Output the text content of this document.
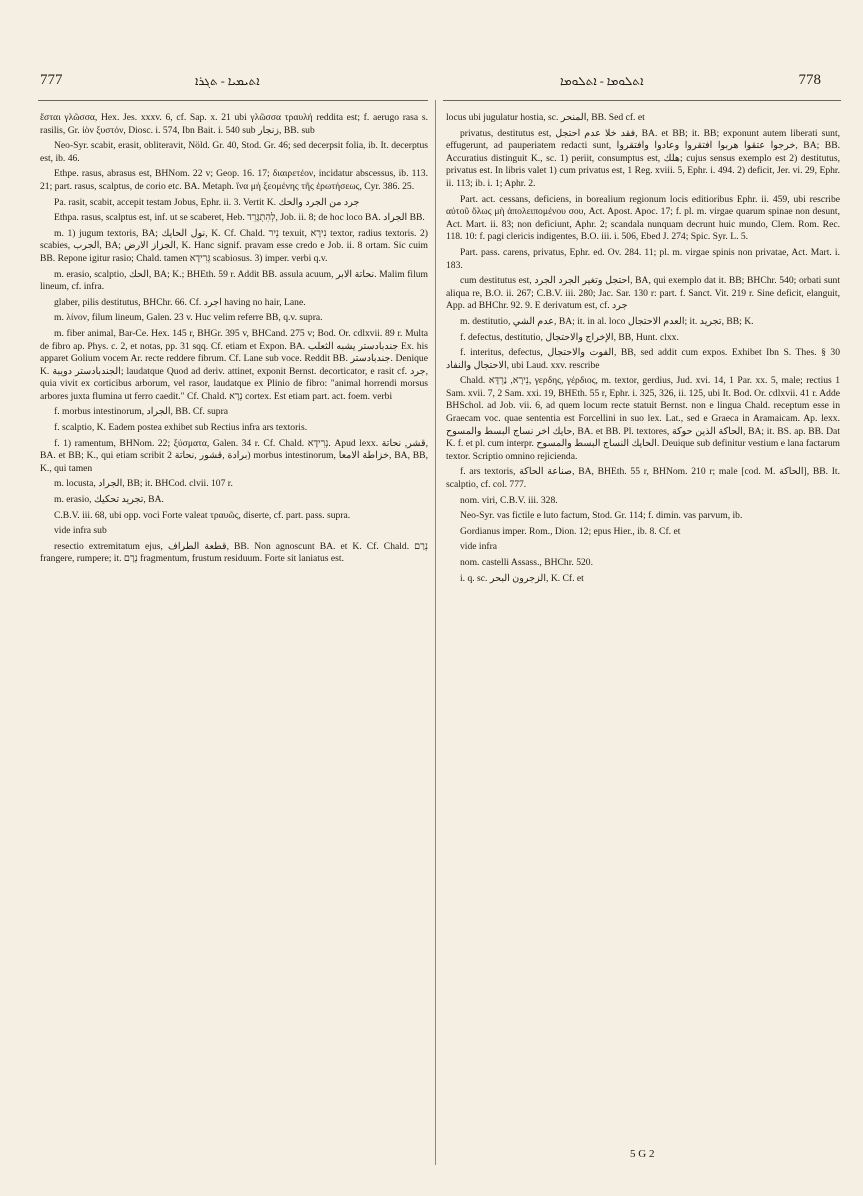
777	ܐܬܝܡܝܐ - ܬܓܪܐ	ܐܬܠܘܡܐ - ܐܬܠܘܡܐ	778

ἔσται γλῶσσα, Hex. Jes. xxxv. 6, cf. Sap. x. 21 ubi γλῶσσα τραυλή reddita est; f. aerugo rasa s. rasilis, Gr. ἰὸν ξυστόν, Diosc. i. 574, Ibn Bait. i. 540 sub ﺯﻧﺠﺎﺭ, BB. sub

Neo-Syr. scabit, erasit, obliteravit, Nöld. Gr. 40, Stod. Gr. 46; sed decerpsit folia, ib. It. decerptus est, ib. 46.

Ethpe. rasus, abrasus est, BHNom. 22 v; Geop. 16. 17; διαιρετέον, incidatur abscessus, ib. 113. 21; part. rasus, scalptus, de corio etc. BA. Metaph. ἵνα μὴ ξεομένης τῆς ἐρωτήσεως, Cyr. 386. 25.

Pa. rasit, scabit, accepit testam Jobus, Ephr. ii. 3. Vertit K. ﺟﺮﺩ ﻣﻦ ﺍﻟﺠﺮﺩ ﻭﺍﻟﺤﻚ

Ethpa. rasus, scalptus est, inf. ut se scaberet, Heb. לְהִתְגָּרֵד, Job. ii. 8; de hoc loco BA. ﺍﻟﺠﺮﺍﺩ BB.

m. 1) jugum textoris, BA; ﻧﻮﻝ ﺍﻟﺤﺎﻳﻚ, K. Cf. Chald. נֵיר texuit, נִירָא textor, radius textoris. 2) scabies, ﺍﻟﺠﺮﺏ, BA; ﺍﻟﺠﺰﺍﺯ ﺍﻻﺭﺽ, K. Hanc signif. pravam esse credo e Job. ii. 8 ortam. Sic cuim BB. Repone igitur rasio; Chald. tamen גְּרִידָא scabiosus. 3) imper. verbi q.v.

m. erasio, scalptio, ﺍﻟﺤﻚ, BA; K.; BHEth. 59 r. Addit BB. assula acuum, ﻧﺤﺎﺗﺔ ﺍﻻﺑﺮ. Malim filum lineum, cf. infra.

glaber, pilis destitutus, BHChr. 66. Cf. ﺍﺟﺮﺩ having no hair, Lane.

m. λίνον, filum lineum, Galen. 23 v. Huc velim referre BB, q.v. supra.

m. fiber animal, Bar-Ce. Hex. 145 r, BHGr. 395 v, BHCand. 275 v; Bod. Or. cdlxvii. 89 r. Multa de fibro ap. Phys. c. 2, et notas, pp. 31 sqq. Cf. etiam et Expon. BA. ﺟﻨﺪﺑﺎﺩﺳﺘﺮ ﻳﺸﺒﻪ ﺍﻟﺜﻌﻠﺐ Ex. his apparet Golium vocem Ar. recte reddere fibrum. Cf. Lane sub voce. Reddit BB. ﺟﻨﺪﺑﺎﺩﺳﺘﺮ. Denique K. ﺍﻟﺠﻨﺪﺑﺎﺩﺳﺘﺮ ﺩﻭﻳﺒﺔ; laudatque Quod ad deriv. attinet, exponit Bernst. decorticator, e rasit cf. ﺟﺮﺩ, quia vivit ex corticibus arborum, vel rasor, laudatque ex Plinio de fibro: "animal horrendi morsus arbores juxta flumina ut ferro caedit." Cf. Chald. נְרָא cortex. Est etiam part. act. foem. verbi

f. morbus intestinorum, ﺍﻟﺠﺮﺍﺩ, BB. Cf. supra

f. scalptio, K. Eadem postea exhibet sub Rectius infra ars textoris.

f. 1) ramentum, BHNom. 22; ξύσματα, Galen. 34 r. Cf. Chald. נְרִידָא. Apud lexx. ﻗﺸﺮ, ﻧﺤﺎﺗﺔ, BA. et BB; K., qui etiam scribit ﺑﺮﺍﺩﺓ ,ﻗﺸﻮﺭ ,ﻧﺤﺎﺗﺔ 2) morbus intestinorum, ﺧﺰﺍﻃﺔ ﺍﻻﻣﻌﺎ, BA, BB, K., qui tamen

m. locusta, ﺍﻟﺠﺮﺍﺩ, BB; it. BHCod. clvii. 107 r.

m. erasio, ﺗﺠﺮﻳﺪ ﺗﺤﻜﻴﻚ, BA.

C.B.V. iii. 68, ubi opp. voci Forte valeat τραυῶς, diserte, cf. part. pass. supra.

vide infra sub

resectio extremitatum ejus, ﻗﻄﻌﺔ ﺍﻟﻄﺮﺍﻑ, BB. Non agnoscunt BA. et K. Cf. Chald. נְרַם frangere, rumpere; it. נְרָם fragmentum, frustum residuum. Forte sit laniatus est.

locus ubi jugulatur hostia, sc. ﺍﻟﻤﻨﺤﺮ, BB. Sed cf. et

privatus, destitutus est, ﻓﻘﺪ ﺧﻼ ﻋﺪﻡ ﺍﺣﺘﺠﻞ, BA. et BB; it. BB; exponunt autem liberati sunt, effugerunt, ad pauperiatem redacti sunt, ﺧﺮﺟﻮﺍ ﻋﺘﻘﻮﺍ ﻫﺮﺑﻮﺍ ﺍﻓﺘﻘﺮﻭﺍ ﻭﻋﺎﺩﻭﺍ ﻭﺍﻓﺘﻘﺮﻭﺍ, BA; BB. Accuratius distinguit K., sc. 1) periit, consumptus est, ﻫﻠﻚ; cujus sensus exemplo est 2) destitutus, privatus est. In libris valet 1) cum privatus est, 1 Reg. xviii. 5, Ephr. i. 494. 2) deficit, Jer. vi. 29, Ephr. ii. 113; ib. i. 1; Aphr. 2.

Part. act. cessans, deficiens, in borealium regionum locis editioribus Ephr. ii. 459, ubi rescribe αὐτοῦ ὅλως μὴ ἀπολειπομένου σου, Act. Apost. Apoc. 17; f. pl. m. virgae quarum spinae non desunt, Act. Mart. ii. 83; non deficiunt, Aphr. 2; scandala nunquam decrunt huic mundo, Clem. Rom. Rec. 118. 10: f. pagi clericis indigentes, B.O. iii. i. 506, Ebed J. 274; Spic. Syr. L. 5.

Part. pass. carens, privatus, Ephr. ed. Ov. 284. 11; pl. m. virgae spinis non privatae, Act. Mart. i. 183.

cum destitutus est, ﺍﺣﺘﺠﻞ ﻭﺗﻐﻴﺮ ﺍﻟﺠﺮﺩ ﺍﻟﺠﺮﺩ, BA, qui exemplo dat it. BB; BHChr. 540; orbati sunt aliqua re, B.O. ii. 267; C.B.V. iii. 280; Jac. Sar. 130 r: part. f. Sanct. Vit. 219 r. Sine deficit, elanguit, App. ad BHChr. 92. 9. E derivatum est, cf. ﺟﺮﺩ

m. destitutio, ﻋﺪﻡ ﺍﻟﺸﻲ, BA; it. in al. loco ﺍﻟﻌﺪﻡ ﺍﻻﺣﺘﺠﺎﻝ; it. ﺗﺠﺮﻳﺪ, BB; K.

f. defectus, destitutio, ﺍﻹﺧﺮﺍﺝ ﻭﺍﻻﺣﺘﺠﺎﻝ, BB, Hunt. clxx.

f. interitus, defectus, ﺍﻟﻔﻮﺕ ﻭﺍﻻﺣﺘﺠﺎﻝ, BB, sed addit cum expos. Exhibet Ibn S. Thes. § 30 ﺍﻻﺣﺘﺠﺎﻝ ﻭﺍﻟﻨﻔﺎﺩ, ubi Laud. xxv. rescribe

Chald. נֵירָא, נַרְדָּא, γερδης, γέρδιος, m. textor, gerdius, Jud. xvi. 14, 1 Par. xx. 5, male; rectius 1 Sam. xvii. 7, 2 Sam. xxi. 19, BHEth. 55 r, Ephr. i. 325, 326, ii. 125, ubi It. Bod. Or. cdlxvii. 41 r. Adde BHSchol. ad Job. vii. 6, ad quem locum recte statuit Bernst. non e lingua Chald. receptum esse in Graecam voc. quae sententia est Forcellini in suo lex. Lat., sed e Graeca in Aramaicam. Ap. lexx. ﺣﺎﻳﻚ ﺍﺧﺮ ﻧﺴﺎﺝ ﺍﻟﺒﺴﻂ ﻭﺍﻟﻤﺴﻮﺡ, BA. et BB. Pl. textores, ﺍﻟﺤﺎﻛﺔ ﺍﻟﺬﻳﻦ ﺣﻮﻛﺔ, BA; it. BS. ap. BB. Dat K. f. et pl. cum interpr. ﺍﻟﺤﺎﻳﻚ ﺍﻟﻨﺴﺎﺝ ﺍﻟﺒﺴﻂ ﻭﺍﻟﻤﺴﻮﺡ. Deuique sub definitur vestium e lana factarum textor. Scriptio omnino rejicienda.

f. ars textoris, ﺻﻨﺎﻋﺔ ﺍﻟﺤﺎﻛﺔ, BA, BHEth. 55 r, BHNom. 210 r; male [cod. M. ﺍﻟﺤﺎﻛﺔ], BB. It. scalptio, cf. col. 777.

nom. viri, C.B.V. iii. 328.

Neo-Syr. vas fictile e luto factum, Stod. Gr. 114; f. dimin. vas parvum, ib.

Gordianus imper. Rom., Dion. 12; epus Hier., ib. 8. Cf. et

vide infra

nom. castelli Assass., BHChr. 520.

i. q. sc. ﺍﻟﺰﺟﺮﻭﻥ ﺍﻟﺒﺤﺮ, K. Cf. et

5 G 2
